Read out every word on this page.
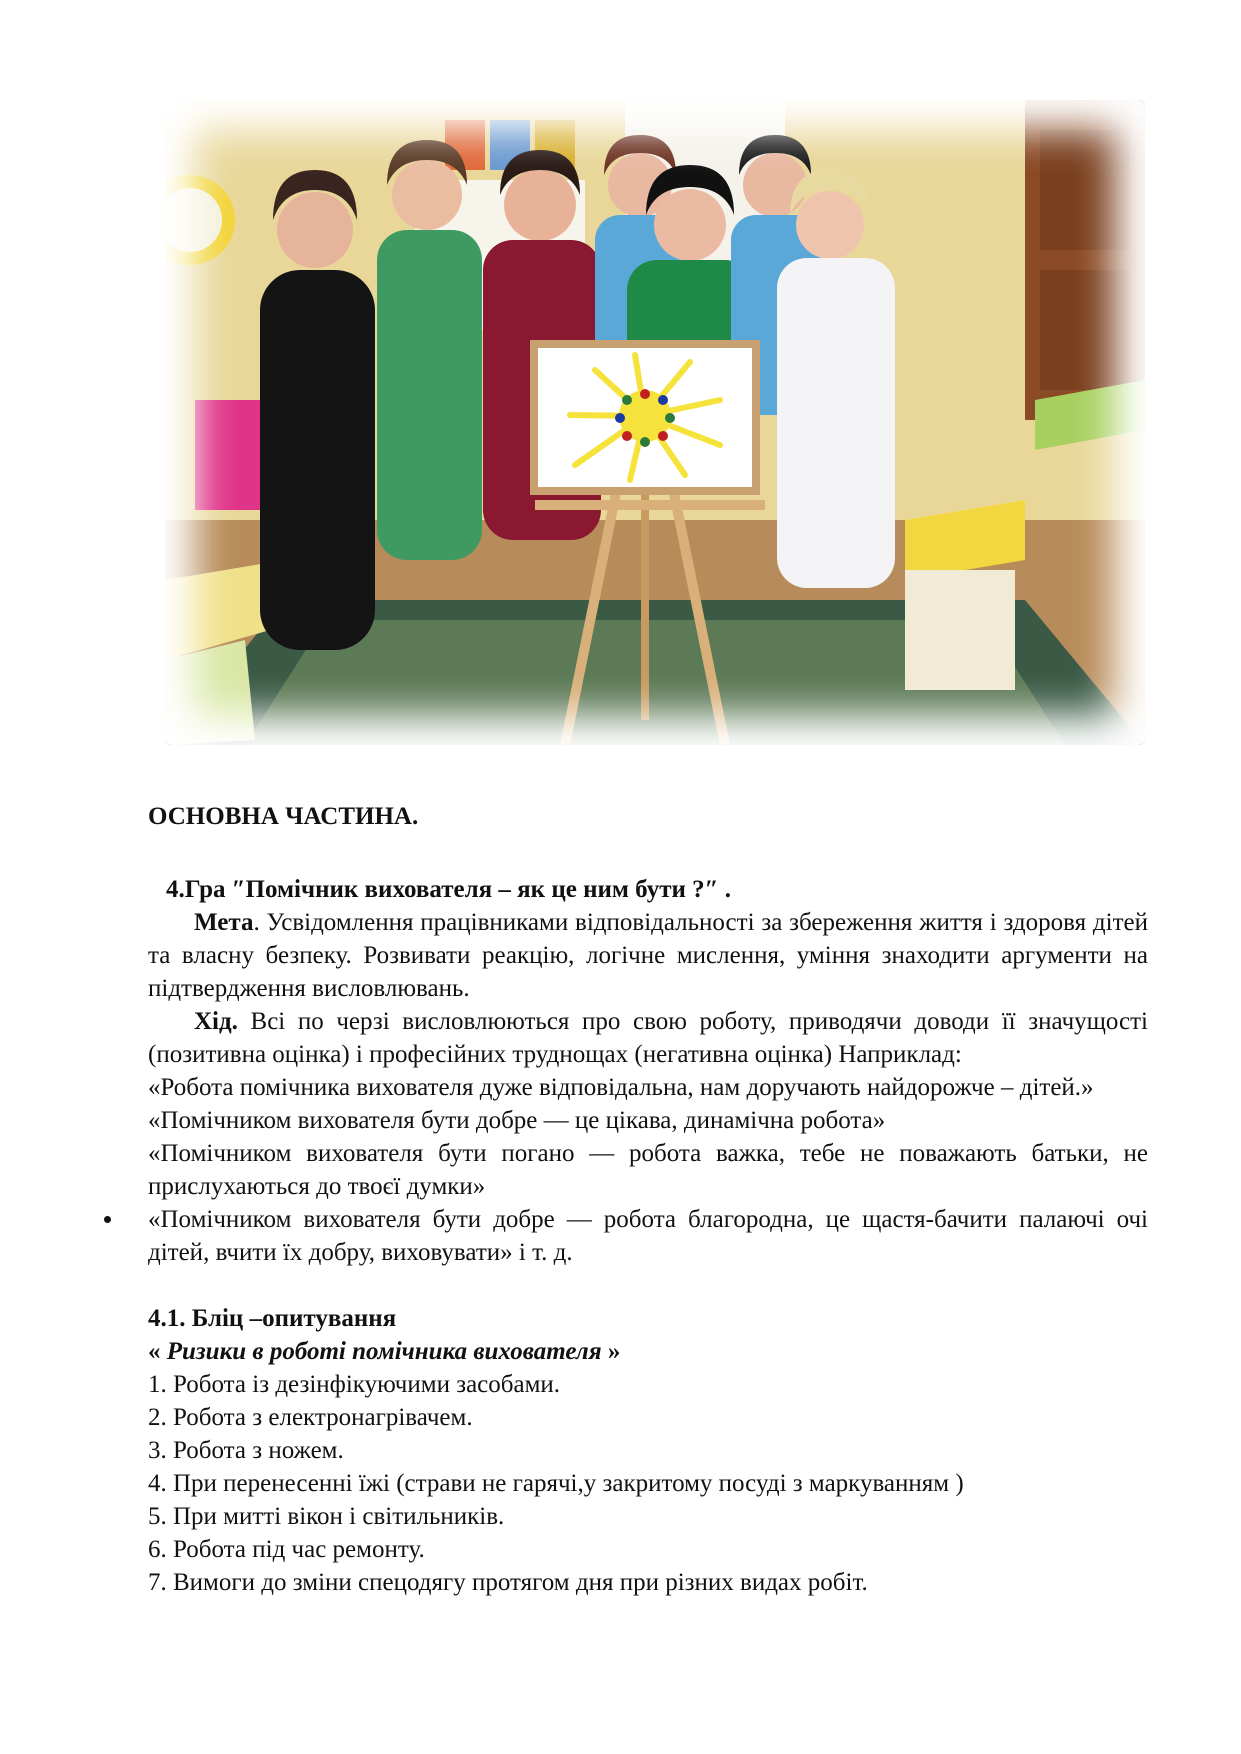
ОСНОВНА ЧАСТИНА.

4.Гра ″Помічник вихователя – як це ним бути ?″ .

Мета. Усвідомлення працівниками відповідальності за збереження життя і здоровя дітей та власну безпеку. Розвивати реакцію, логічне мислення, уміння знаходити аргументи на підтвердження висловлювань.

Хід. Всі по черзі висловлюються про свою роботу, приводячи доводи її значущості (позитивна оцінка) і професійних труднощах (негативна оцінка) Наприклад:

«Робота помічника вихователя дуже відповідальна, нам доручають найдорожче – дітей.»

«Помічником вихователя бути добре — це цікава, динамічна робота»

«Помічником вихователя бути погано — робота важка, тебе не поважають батьки, не прислухаються до твоєї думки»

«Помічником вихователя бути добре — робота благородна, це щастя-бачити палаючі очі дітей, вчити їх добру, виховувати» і т. д.

4.1. Бліц –опитування

« Ризики в роботі помічника вихователя »

1. Робота із дезінфікуючими засобами.
2. Робота з електронагрівачем.
3. Робота з ножем.
4. При перенесенні їжі (страви не гарячі,у закритому посуді з маркуванням )
5. При митті вікон і світильників.
6. Робота під час ремонту.
7. Вимоги до зміни спецодягу протягом дня при різних видах робіт.
